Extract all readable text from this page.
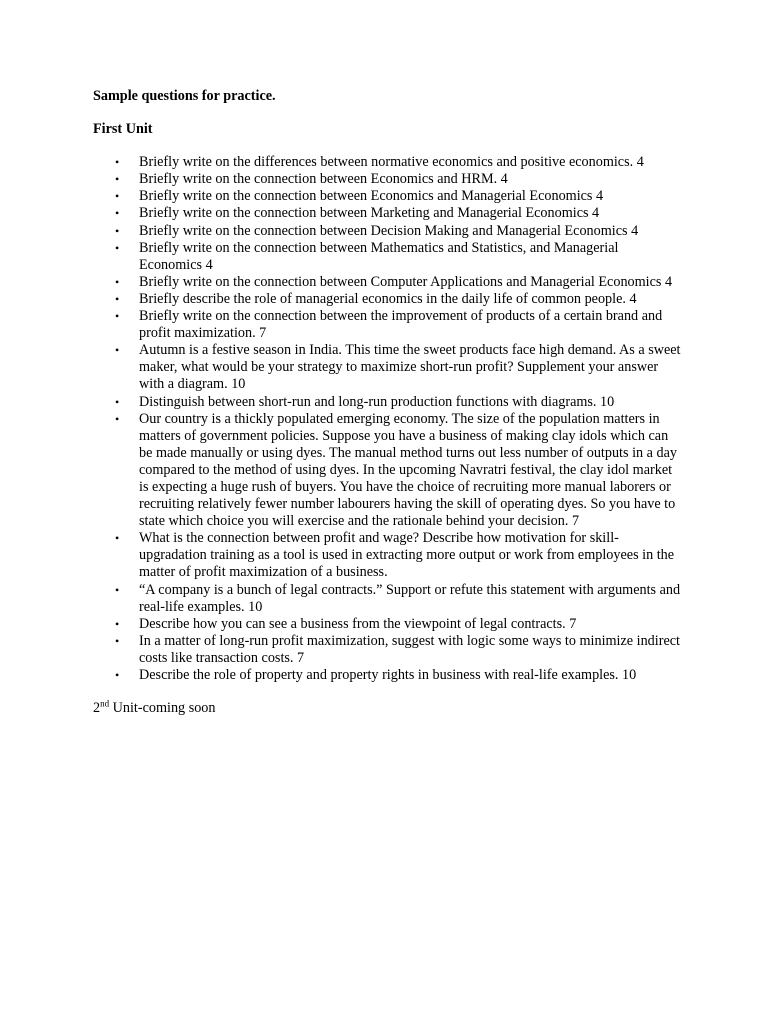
Sample questions for practice.

First Unit

• Briefly write on the differences between normative economics and positive economics. 4
• Briefly write on the connection between Economics and HRM. 4
• Briefly write on the connection between Economics and Managerial Economics 4
• Briefly write on the connection between Marketing and Managerial Economics 4
• Briefly write on the connection between Decision Making and Managerial Economics 4
• Briefly write on the connection between Mathematics and Statistics, and Managerial Economics 4
• Briefly write on the connection between Computer Applications and Managerial Economics 4
• Briefly describe the role of managerial economics in the daily life of common people. 4
• Briefly write on the connection between the improvement of products of a certain brand and profit maximization. 7
• Autumn is a festive season in India. This time the sweet products face high demand. As a sweet maker, what would be your strategy to maximize short-run profit? Supplement your answer with a diagram. 10
• Distinguish between short-run and long-run production functions with diagrams. 10
• Our country is a thickly populated emerging economy. The size of the population matters in matters of government policies. Suppose you have a business of making clay idols which can be made manually or using dyes. The manual method turns out less number of outputs in a day compared to the method of using dyes. In the upcoming Navratri festival, the clay idol market is expecting a huge rush of buyers. You have the choice of recruiting more manual laborers or recruiting relatively fewer number labourers having the skill of operating dyes. So you have to state which choice you will exercise and the rationale behind your decision. 7
• What is the connection between profit and wage? Describe how motivation for skill-upgradation training as a tool is used in extracting more output or work from employees in the matter of profit maximization of a business.
• “A company is a bunch of legal contracts.” Support or refute this statement with arguments and real-life examples. 10
• Describe how you can see a business from the viewpoint of legal contracts. 7
• In a matter of long-run profit maximization, suggest with logic some ways to minimize indirect costs like transaction costs. 7
• Describe the role of property and property rights in business with real-life examples. 10

2nd Unit-coming soon
